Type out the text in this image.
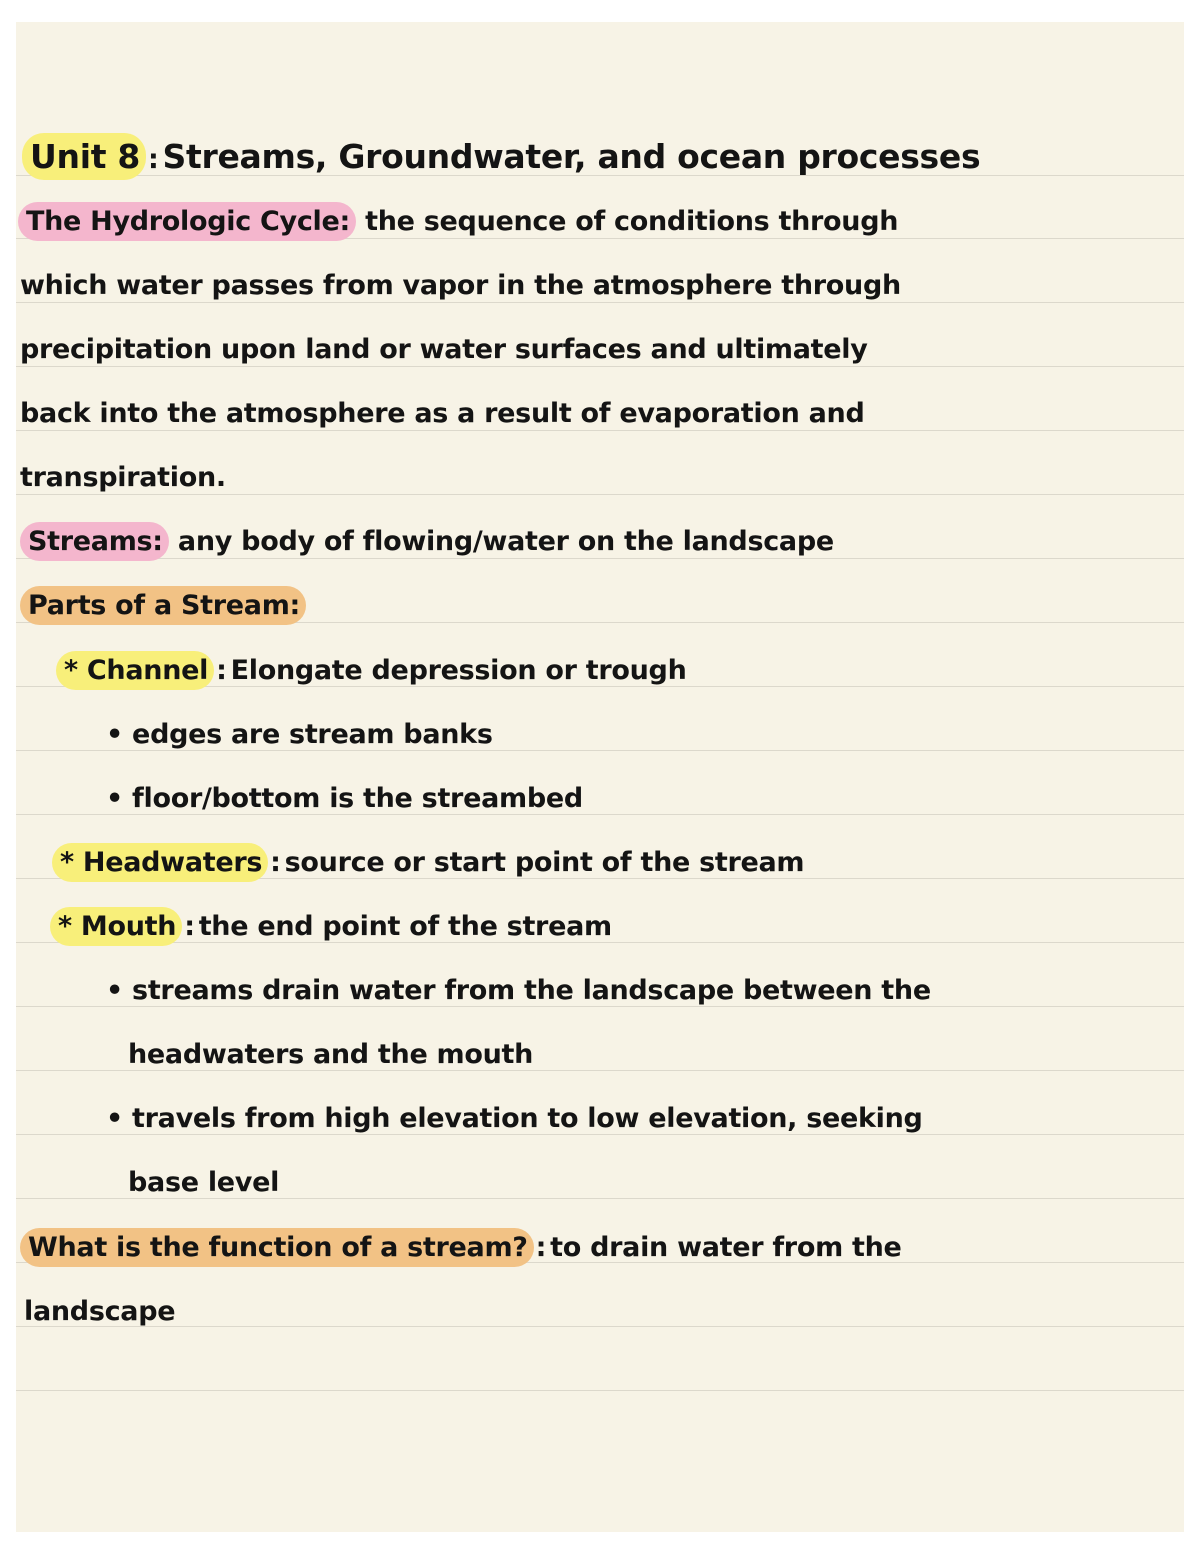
Unit 8 : Streams, Groundwater, and ocean processes
The Hydrologic Cycle: the sequence of conditions through
which water passes from vapor in the atmosphere through
precipitation upon land or water surfaces and ultimately
back into the atmosphere as a result of evaporation and
transpiration.
Streams: any body of flowing/water on the landscape
Parts of a Stream:
* Channel : Elongate depression or trough
• edges are stream banks
• floor/bottom is the streambed
* Headwaters : source or start point of the stream
* Mouth : the end point of the stream
• streams drain water from the landscape between the
headwaters and the mouth
• travels from high elevation to low elevation, seeking
base level
What is the function of a stream? : to drain water from the
landscape
